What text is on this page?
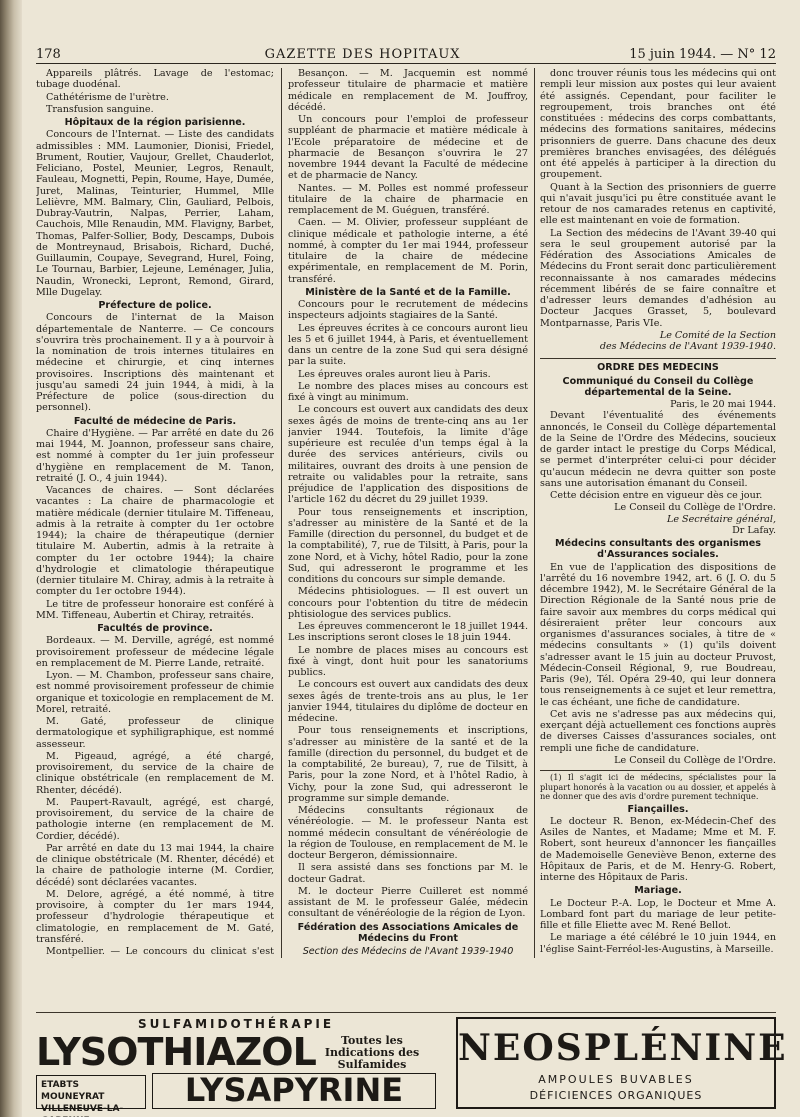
178	GAZETTE DES HOPITAUX	15 juin 1944. — N° 12

Appareils plâtrés. Lavage de l'estomac; tubage duodénal.

Cathétérisme de l'urètre.

Transfusion sanguine.

Hôpitaux de la région parisienne.

Concours de l'Internat. — Liste des candidats admissibles : MM. Laumonier, Dionisi, Friedel, Brument, Routier, Vaujour, Grellet, Chauderlot, Feliciano, Postel, Meunier, Legros, Renault, Fauleau, Mognetti, Pepin, Roume, Haye, Dumée, Juret, Malinas, Teinturier, Hummel, Mlle Lelièvre, MM. Balmary, Clin, Gauliard, Pelbois, Dubray-Vautrin, Nalpas, Perrier, Laham, Cauchois, Mlle Renaudin, MM. Flavigny, Barbet, Thomas, Palfer-Sollier, Body, Descamps, Dubois de Montreynaud, Brisabois, Richard, Duché, Guillaumin, Coupaye, Sevegrand, Hurel, Foing, Le Tournau, Barbier, Lejeune, Leménager, Julia, Naudin, Wronecki, Lepront, Remond, Girard, Mlle Dugelay.

Préfecture de police.

Concours de l'internat de la Maison départementale de Nanterre. — Ce concours s'ouvrira très prochainement. Il y a à pourvoir à la nomination de trois internes titulaires en médecine et chirurgie, et cinq internes provisoires. Inscriptions dès maintenant et jusqu'au samedi 24 juin 1944, à midi, à la Préfecture de police (sous-direction du personnel).

Faculté de médecine de Paris.

Chaire d'Hygiène. — Par arrêté en date du 26 mai 1944, M. Joannon, professeur sans chaire, est nommé à compter du 1er juin professeur d'hygiène en remplacement de M. Tanon, retraité (J. O., 4 juin 1944).

Vacances de chaires. — Sont déclarées vacantes : La chaire de pharmacologie et matière médicale (dernier titulaire M. Tiffeneau, admis à la retraite à compter du 1er octobre 1944); la chaire de thérapeutique (dernier titulaire M. Aubertin, admis à la retraite à compter du 1er octobre 1944); la chaire d'hydrologie et climatologie thérapeutique (dernier titulaire M. Chiray, admis à la retraite à compter du 1er octobre 1944).

Le titre de professeur honoraire est conféré à MM. Tiffeneau, Aubertin et Chiray, retraités.

Facultés de province.

Bordeaux. — M. Derville, agrégé, est nommé provisoirement professeur de médecine légale en remplacement de M. Pierre Lande, retraité.

Lyon. — M. Chambon, professeur sans chaire, est nommé provisoirement professeur de chimie organique et toxicologie en remplacement de M. Morel, retraité.

M. Gaté, professeur de clinique dermatologique et syphiligraphique, est nommé assesseur.

M. Pigeaud, agrégé, a été chargé, provisoirement, du service de la chaire de clinique obstétricale (en remplacement de M. Rhenter, décédé).

M. Paupert-Ravault, agrégé, est chargé, provisoirement, du service de la chaire de pathologie interne (en remplacement de M. Cordier, décédé).

Par arrêté en date du 13 mai 1944, la chaire de clinique obstétricale (M. Rhenter, décédé) et la chaire de pathologie interne (M. Cordier, décédé) sont déclarées vacantes.

M. Delore, agrégé, a été nommé, à titre provisoire, à compter du 1er mars 1944, professeur d'hydrologie thérapeutique et climatologie, en remplacement de M. Gaté, transféré.

Montpellier. — Le concours du clinicat s'est

Besançon. — M. Jacquemin est nommé professeur titulaire de pharmacie et matière médicale en remplacement de M. Jouffroy, décédé.

Un concours pour l'emploi de professeur suppléant de pharmacie et matière médicale à l'Ecole préparatoire de médecine et de pharmacie de Besançon s'ouvrira le 27 novembre 1944 devant la Faculté de médecine et de pharmacie de Nancy.

Nantes. — M. Polles est nommé professeur titulaire de la chaire de pharmacie en remplacement de M. Guéguen, transféré.

Caen. — M. Olivier, professeur suppléant de clinique médicale et pathologie interne, a été nommé, à compter du 1er mai 1944, professeur titulaire de la chaire de médecine expérimentale, en remplacement de M. Porin, transféré.

Ministère de la Santé et de la Famille.

Concours pour le recrutement de médecins inspecteurs adjoints stagiaires de la Santé.

Les épreuves écrites à ce concours auront lieu les 5 et 6 juillet 1944, à Paris, et éventuellement dans un centre de la zone Sud qui sera désigné par la suite.

Les épreuves orales auront lieu à Paris.

Le nombre des places mises au concours est fixé à vingt au minimum.

Le concours est ouvert aux candidats des deux sexes âgés de moins de trente-cinq ans au 1er janvier 1944. Toutefois, la limite d'âge supérieure est reculée d'un temps égal à la durée des services antérieurs, civils ou militaires, ouvrant des droits à une pension de retraite ou validables pour la retraite, sans préjudice de l'application des dispositions de l'article 162 du décret du 29 juillet 1939.

Pour tous renseignements et inscription, s'adresser au ministère de la Santé et de la Famille (direction du personnel, du budget et de la comptabilité), 7, rue de Tilsitt, à Paris, pour la zone Nord, et à Vichy, hôtel Radio, pour la zone Sud, qui adresseront le programme et les conditions du concours sur simple demande.

Médecins phtisiologues. — Il est ouvert un concours pour l'obtention du titre de médecin phtisiologue des services publics.

Les épreuves commenceront le 18 juillet 1944. Les inscriptions seront closes le 18 juin 1944.

Le nombre de places mises au concours est fixé à vingt, dont huit pour les sanatoriums publics.

Le concours est ouvert aux candidats des deux sexes âgés de trente-trois ans au plus, le 1er janvier 1944, titulaires du diplôme de docteur en médecine.

Pour tous renseignements et inscriptions, s'adresser au ministère de la santé et de la famille (direction du personnel, du budget et de la comptabilité, 2e bureau), 7, rue de Tilsitt, à Paris, pour la zone Nord, et à l'hôtel Radio, à Vichy, pour la zone Sud, qui adresseront le programme sur simple demande.

Médecins consultants régionaux de vénéréologie. — M. le professeur Nanta est nommé médecin consultant de vénéréologie de la région de Toulouse, en remplacement de M. le docteur Bergeron, démissionnaire.

Il sera assisté dans ses fonctions par M. le docteur Gadrat.

M. le docteur Pierre Cuilleret est nommé assistant de M. le professeur Galée, médecin consultant de vénéréologie de la région de Lyon.

Fédération des Associations Amicales de Médecins du Front
Section des Médecins de l'Avant 1939-1940

donc trouver réunis tous les médecins qui ont rempli leur mission aux postes qui leur avaient été assignés. Cependant, pour faciliter le regroupement, trois branches ont été constituées : médecins des corps combattants, médecins des formations sanitaires, médecins prisonniers de guerre. Dans chacune des deux premières branches envisagées, des délégués ont été appelés à participer à la direction du groupement.

Quant à la Section des prisonniers de guerre qui n'avait jusqu'ici pu être constituée avant le retour de nos camarades retenus en captivité, elle est maintenant en voie de formation.

La Section des médecins de l'Avant 39-40 qui sera le seul groupement autorisé par la Fédération des Associations Amicales de Médecins du Front serait donc particulièrement reconnaissante à nos camarades médecins récemment libérés de se faire connaître et d'adresser leurs demandes d'adhésion au Docteur Jacques Grasset, 5, boulevard Montparnasse, Paris VIe.

Le Comité de la Section

des Médecins de l'Avant 1939-1940.

ORDRE DES MEDECINS
Communiqué du Conseil du Collège départemental de la Seine.

Paris, le 20 mai 1944.

Devant l'éventualité des événements annoncés, le Conseil du Collège départemental de la Seine de l'Ordre des Médecins, soucieux de garder intact le prestige du Corps Médical, se permet d'interpréter celui-ci pour décider qu'aucun médecin ne devra quitter son poste sans une autorisation émanant du Conseil.

Cette décision entre en vigueur dès ce jour.

Le Conseil du Collège de l'Ordre.

Le Secrétaire général,

Dr Lafay.

Médecins consultants des organismes d'Assurances sociales.

En vue de l'application des dispositions de l'arrêté du 16 novembre 1942, art. 6 (J. O. du 5 décembre 1942), M. le Secrétaire Général de la Direction Régionale de la Santé nous prie de faire savoir aux membres du corps médical qui désireraient prêter leur concours aux organismes d'assurances sociales, à titre de « médecins consultants » (1) qu'ils doivent s'adresser avant le 15 juin au docteur Pruvost, Médecin-Conseil Régional, 9, rue Boudreau, Paris (9e), Tél. Opéra 29-40, qui leur donnera tous renseignements à ce sujet et leur remettra, le cas échéant, une fiche de candidature.

Cet avis ne s'adresse pas aux médecins qui, exerçant déjà actuellement ces fonctions auprès de diverses Caisses d'assurances sociales, ont rempli une fiche de candidature.

Le Conseil du Collège de l'Ordre.

(1) Il s'agit ici de médecins, spécialistes pour la plupart honorés à la vacation ou au dossier, et appelés à ne donner que des avis d'ordre purement technique.

Fiançailles.

Le docteur R. Benon, ex-Médecin-Chef des Asiles de Nantes, et Madame; Mme et M. F. Robert, sont heureux d'annoncer les fiançailles de Mademoiselle Geneviève Benon, externe des Hôpitaux de Paris, et de M. Henry-G. Robert, interne des Hôpitaux de Paris.

Mariage.

Le Docteur P.-A. Lop, le Docteur et Mme A. Lombard font part du mariage de leur petite-fille et fille Eliette avec M. René Bellot.

Le mariage a été célébré le 10 juin 1944, en l'église Saint-Ferréol-les-Augustins, à Marseille.

SULFAMIDOTHÉRAPIE
LYSOTHIAZOL	Toutes les Indications des Sulfamides
ETABTS MOUNEYRAT VILLENEUVE-LA-	LYSAPYRINE
NEOSPLÉNINE
AMPOULES BUVABLES
DÉFICIENCES ORGANIQUES
